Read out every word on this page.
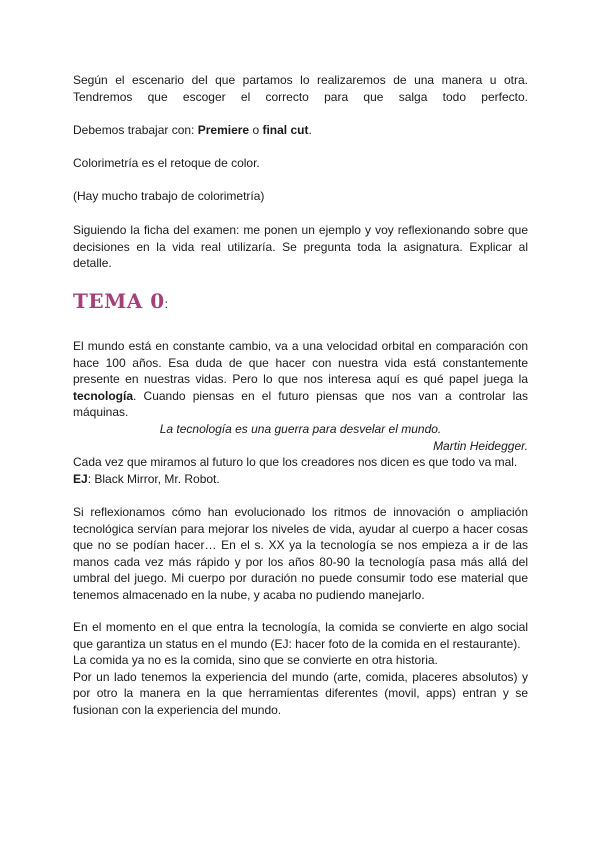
Según el escenario del que partamos lo realizaremos de una manera u otra. Tendremos que escoger el correcto para que salga todo perfecto.

Debemos trabajar con: Premiere o final cut.

Colorimetría es el retoque de color.

(Hay mucho trabajo de colorimetría)

Siguiendo la ficha del examen: me ponen un ejemplo y voy reflexionando sobre que decisiones en la vida real utilizaría. Se pregunta toda la asignatura. Explicar al detalle.

TEMA 0:

El mundo está en constante cambio, va a una velocidad orbital en comparación con hace 100 años. Esa duda de que hacer con nuestra vida está constantemente presente en nuestras vidas. Pero lo que nos interesa aquí es qué papel juega la tecnología. Cuando piensas en el futuro piensas que nos van a controlar las máquinas.

La tecnología es una guerra para desvelar el mundo.
Martin Heidegger.

Cada vez que miramos al futuro lo que los creadores nos dicen es que todo va mal.
EJ: Black Mirror, Mr. Robot.

Si reflexionamos cómo han evolucionado los ritmos de innovación o ampliación tecnológica servían para mejorar los niveles de vida, ayudar al cuerpo a hacer cosas que no se podían hacer… En el s. XX ya la tecnología se nos empieza a ir de las manos cada vez más rápido y por los años 80-90 la tecnología pasa más allá del umbral del juego. Mi cuerpo por duración no puede consumir todo ese material que tenemos almacenado en la nube, y acaba no pudiendo manejarlo.

En el momento en el que entra la tecnología, la comida se convierte en algo social que garantiza un status en el mundo (EJ: hacer foto de la comida en el restaurante).
La comida ya no es la comida, sino que se convierte en otra historia.
Por un lado tenemos la experiencia del mundo (arte, comida, placeres absolutos) y por otro la manera en la que herramientas diferentes (movil, apps) entran y se fusionan con la experiencia del mundo.
